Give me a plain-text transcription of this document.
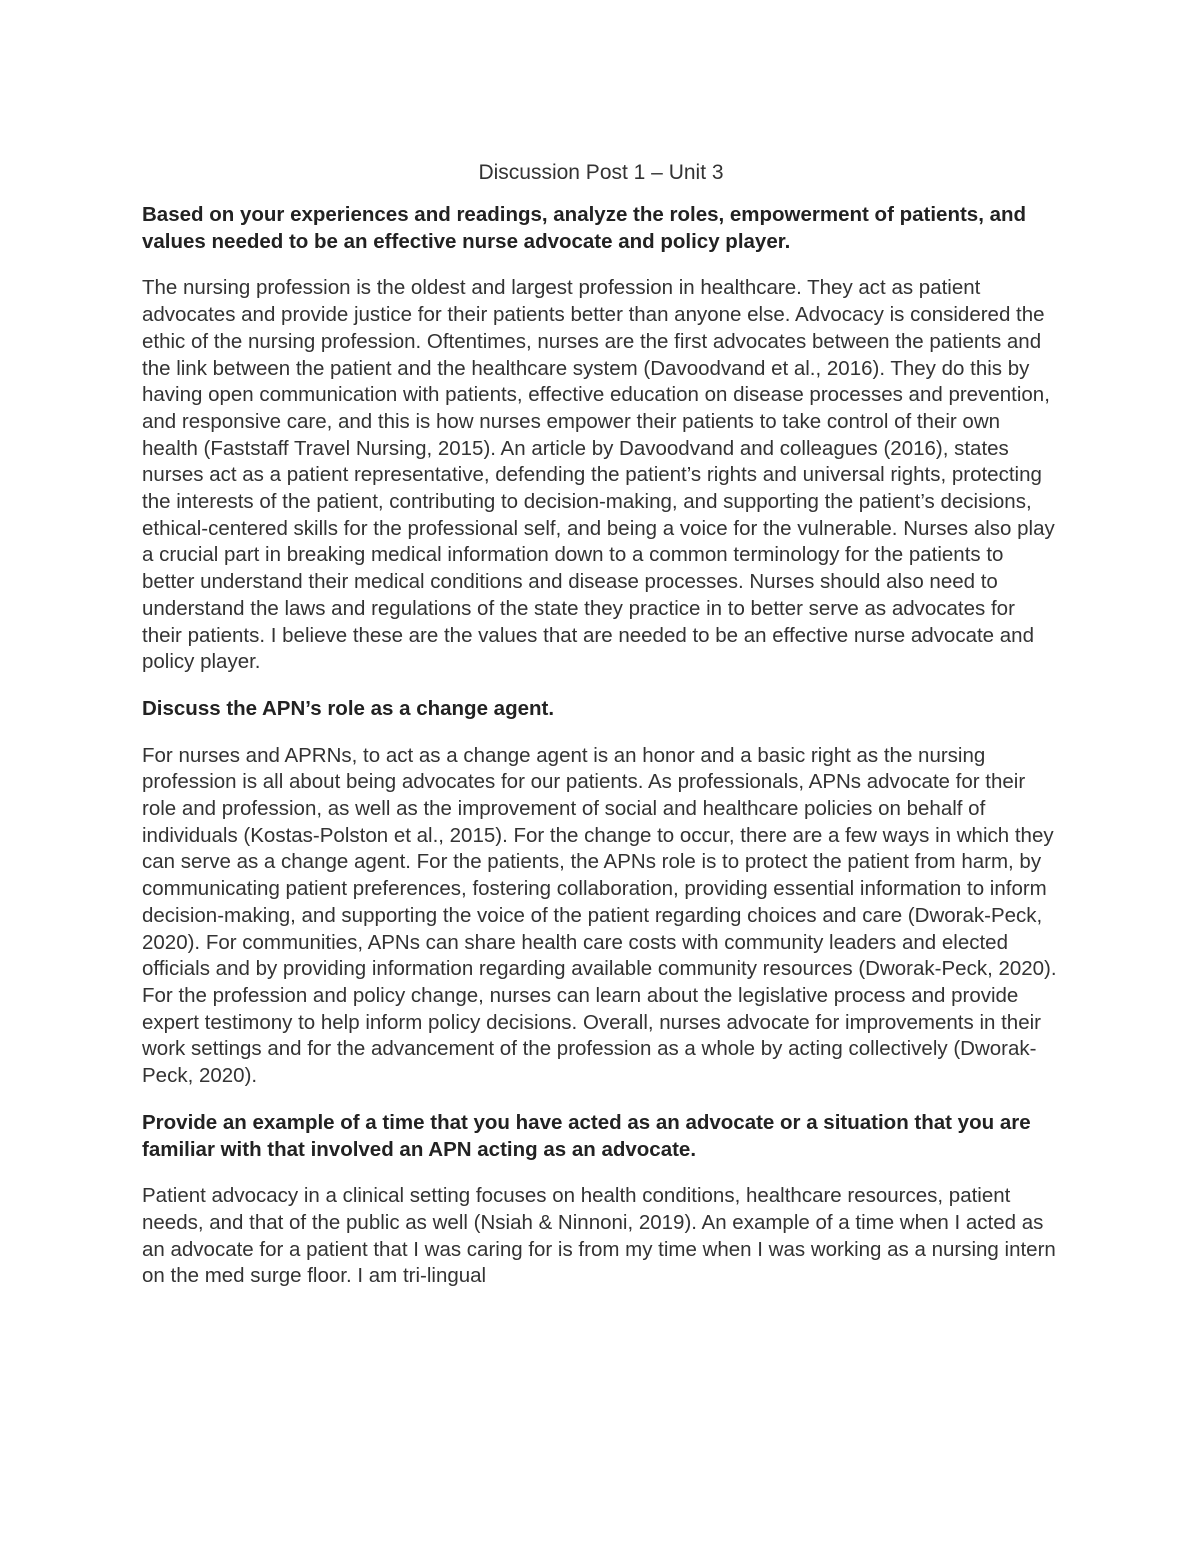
Discussion Post 1 – Unit 3
Based on your experiences and readings, analyze the roles, empowerment of patients, and values needed to be an effective nurse advocate and policy player.
The nursing profession is the oldest and largest profession in healthcare. They act as patient advocates and provide justice for their patients better than anyone else. Advocacy is considered the ethic of the nursing profession. Oftentimes, nurses are the first advocates between the patients and the link between the patient and the healthcare system (Davoodvand et al., 2016). They do this by having open communication with patients, effective education on disease processes and prevention, and responsive care, and this is how nurses empower their patients to take control of their own health (Faststaff Travel Nursing, 2015). An article by Davoodvand and colleagues (2016), states nurses act as a patient representative, defending the patient’s rights and universal rights, protecting the interests of the patient, contributing to decision-making, and supporting the patient’s decisions, ethical-centered skills for the professional self, and being a voice for the vulnerable. Nurses also play a crucial part in breaking medical information down to a common terminology for the patients to better understand their medical conditions and disease processes. Nurses should also need to understand the laws and regulations of the state they practice in to better serve as advocates for their patients. I believe these are the values that are needed to be an effective nurse advocate and policy player.
Discuss the APN’s role as a change agent.
For nurses and APRNs, to act as a change agent is an honor and a basic right as the nursing profession is all about being advocates for our patients. As professionals, APNs advocate for their role and profession, as well as the improvement of social and healthcare policies on behalf of individuals (Kostas-Polston et al., 2015). For the change to occur, there are a few ways in which they can serve as a change agent. For the patients, the APNs role is to protect the patient from harm, by communicating patient preferences, fostering collaboration, providing essential information to inform decision-making, and supporting the voice of the patient regarding choices and care (Dworak-Peck, 2020). For communities, APNs can share health care costs with community leaders and elected officials and by providing information regarding available community resources (Dworak-Peck, 2020). For the profession and policy change, nurses can learn about the legislative process and provide expert testimony to help inform policy decisions. Overall, nurses advocate for improvements in their work settings and for the advancement of the profession as a whole by acting collectively (Dworak-Peck, 2020).
Provide an example of a time that you have acted as an advocate or a situation that you are familiar with that involved an APN acting as an advocate.
Patient advocacy in a clinical setting focuses on health conditions, healthcare resources, patient needs, and that of the public as well (Nsiah & Ninnoni, 2019). An example of a time when I acted as an advocate for a patient that I was caring for is from my time when I was working as a nursing intern on the med surge floor. I am tri-lingual
